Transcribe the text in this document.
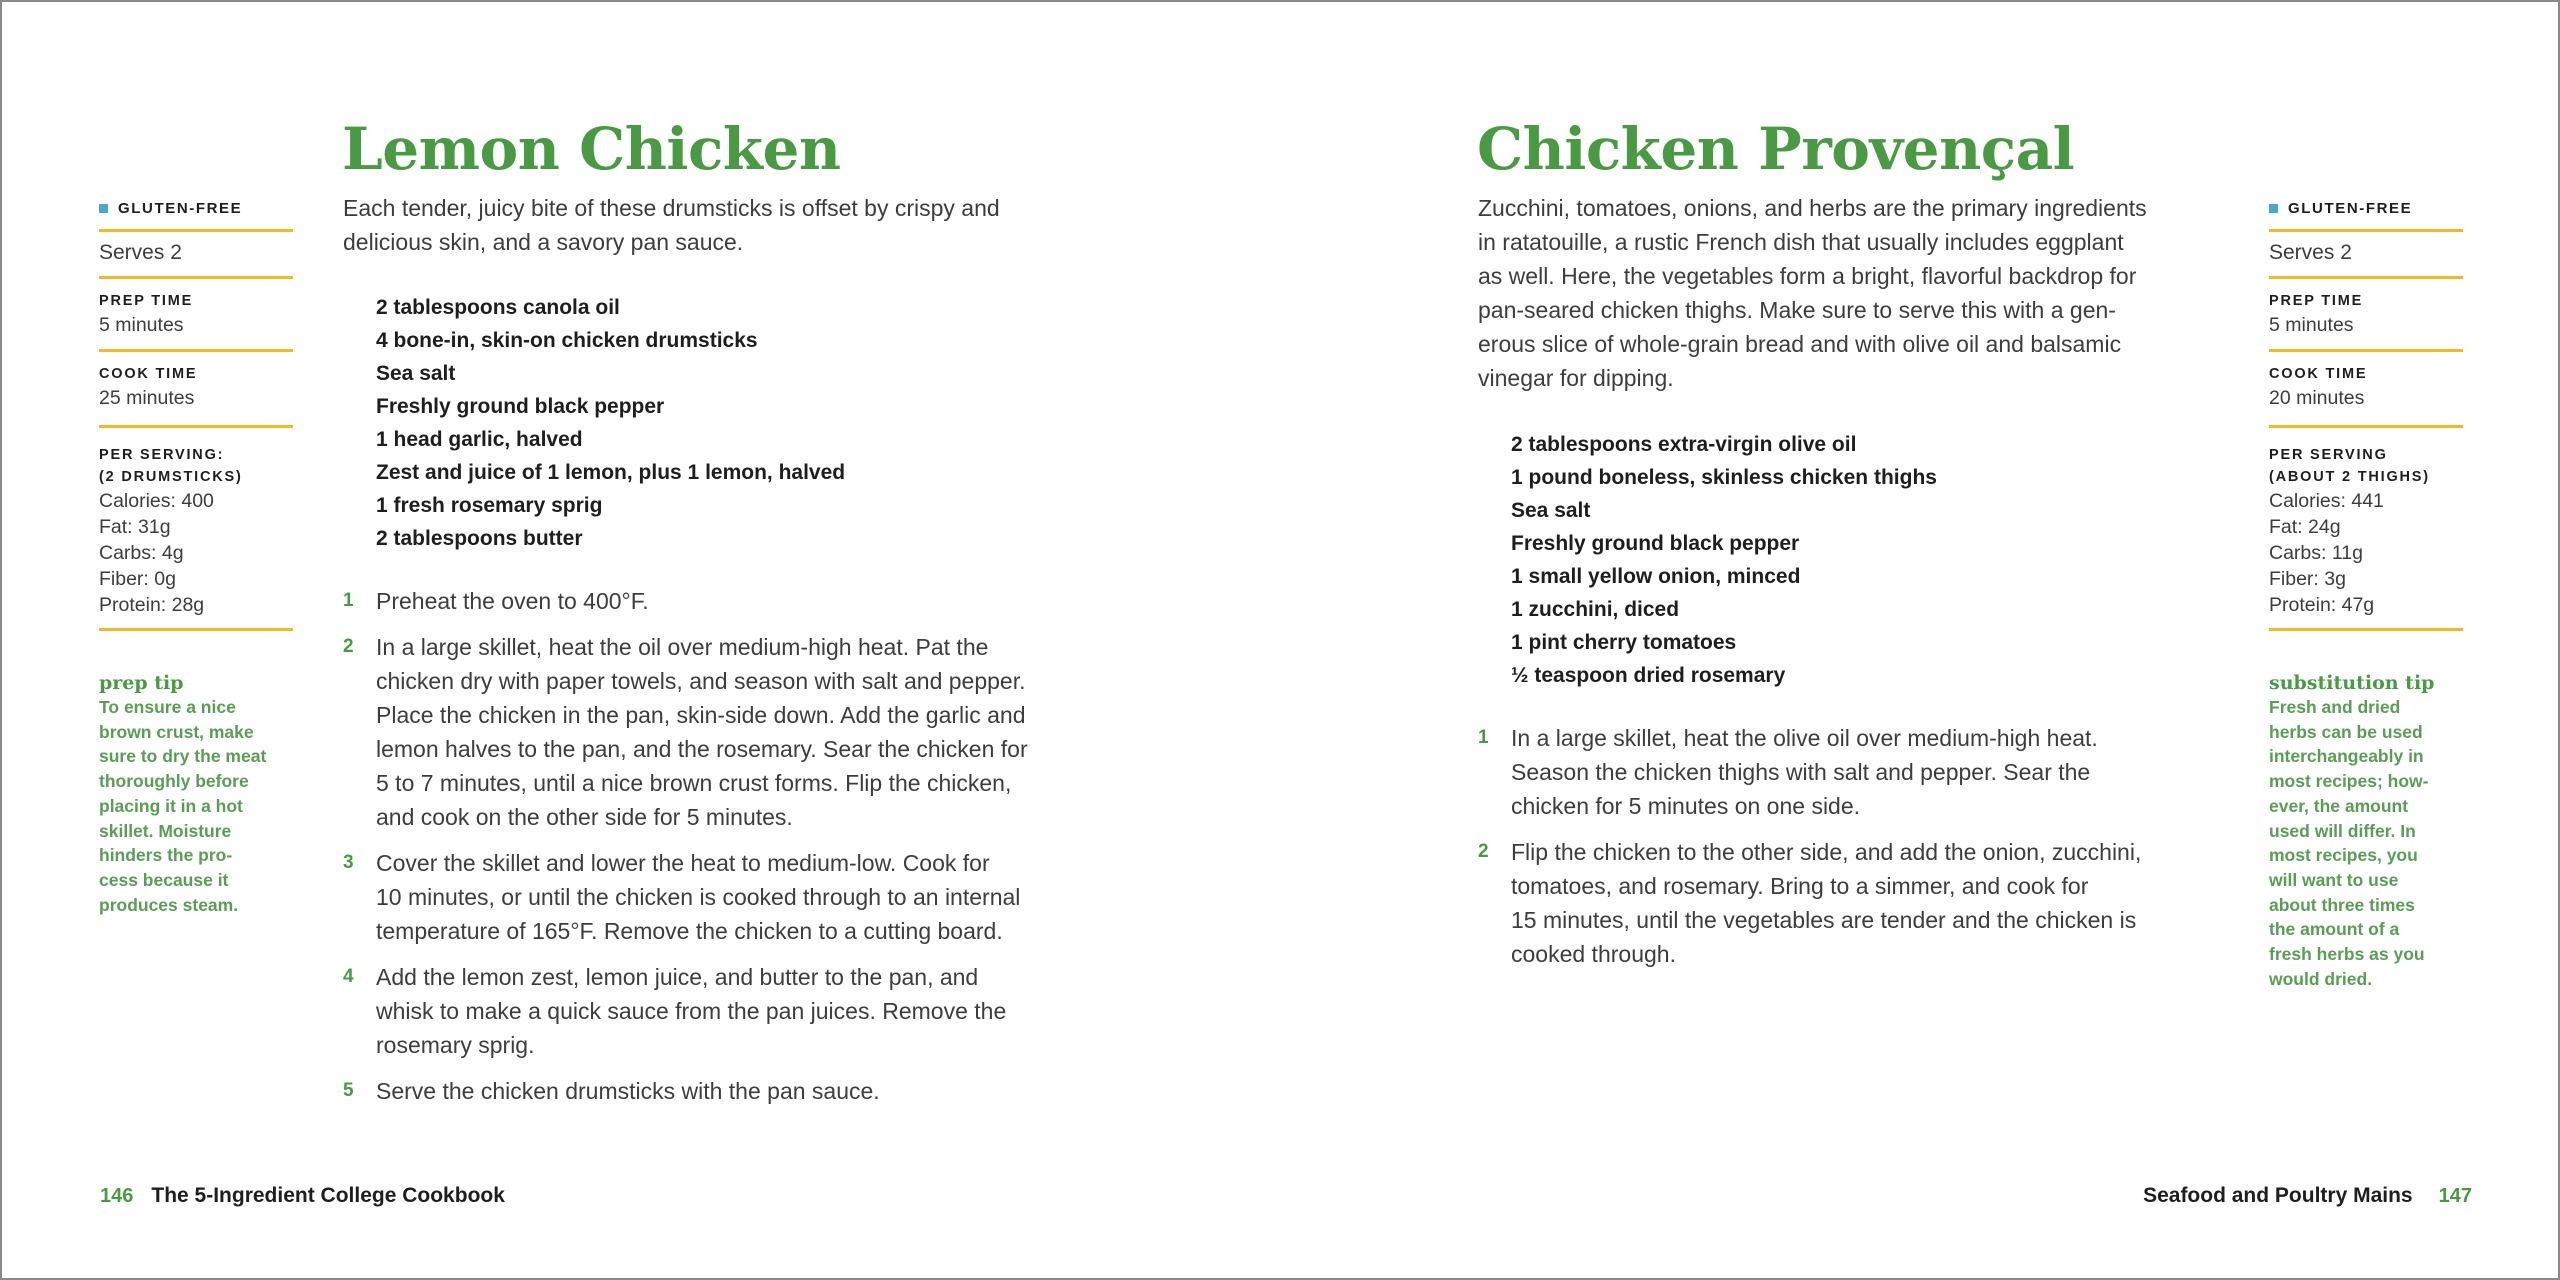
GLUTEN-FREE
Serves 2
PREP TIME
5 minutes
COOK TIME
25 minutes
PER SERVING:
(2 DRUMSTICKS)
Calories: 400
Fat: 31g
Carbs: 4g
Fiber: 0g
Protein: 28g
prep tip
To ensure a nice
brown crust, make
sure to dry the meat
thoroughly before
placing it in a hot
skillet. Moisture
hinders the pro-
cess because it
produces steam.
Lemon Chicken

Each tender, juicy bite of these drumsticks is offset by crispy and
delicious skin, and a savory pan sauce.

2 tablespoons canola oil
4 bone-in, skin-on chicken drumsticks
Sea salt
Freshly ground black pepper
1 head garlic, halved
Zest and juice of 1 lemon, plus 1 lemon, halved
1 fresh rosemary sprig
2 tablespoons butter
1 Preheat the oven to 400°F.
2 In a large skillet, heat the oil over medium-high heat. Pat the
chicken dry with paper towels, and season with salt and pepper.
Place the chicken in the pan, skin-side down. Add the garlic and
lemon halves to the pan, and the rosemary. Sear the chicken for
5 to 7 minutes, until a nice brown crust forms. Flip the chicken,
and cook on the other side for 5 minutes.
3 Cover the skillet and lower the heat to medium-low. Cook for
10 minutes, or until the chicken is cooked through to an internal
temperature of 165°F. Remove the chicken to a cutting board.
4 Add the lemon zest, lemon juice, and butter to the pan, and
whisk to make a quick sauce from the pan juices. Remove the
rosemary sprig.
5 Serve the chicken drumsticks with the pan sauce.
146 The 5-Ingredient College Cookbook
Chicken Provençal

Zucchini, tomatoes, onions, and herbs are the primary ingredients
in ratatouille, a rustic French dish that usually includes eggplant
as well. Here, the vegetables form a bright, flavorful backdrop for
pan-seared chicken thighs. Make sure to serve this with a gen-
erous slice of whole-grain bread and with olive oil and balsamic
vinegar for dipping.

2 tablespoons extra-virgin olive oil
1 pound boneless, skinless chicken thighs
Sea salt
Freshly ground black pepper
1 small yellow onion, minced
1 zucchini, diced
1 pint cherry tomatoes
½ teaspoon dried rosemary
1 In a large skillet, heat the olive oil over medium-high heat.
Season the chicken thighs with salt and pepper. Sear the
chicken for 5 minutes on one side.
2 Flip the chicken to the other side, and add the onion, zucchini,
tomatoes, and rosemary. Bring to a simmer, and cook for
15 minutes, until the vegetables are tender and the chicken is
cooked through.
GLUTEN-FREE
Serves 2
PREP TIME
5 minutes
COOK TIME
20 minutes
PER SERVING
(ABOUT 2 THIGHS)
Calories: 441
Fat: 24g
Carbs: 11g
Fiber: 3g
Protein: 47g
substitution tip
Fresh and dried
herbs can be used
interchangeably in
most recipes; how-
ever, the amount
used will differ. In
most recipes, you
will want to use
about three times
the amount of a
fresh herbs as you
would dried.
Seafood and Poultry Mains 147
